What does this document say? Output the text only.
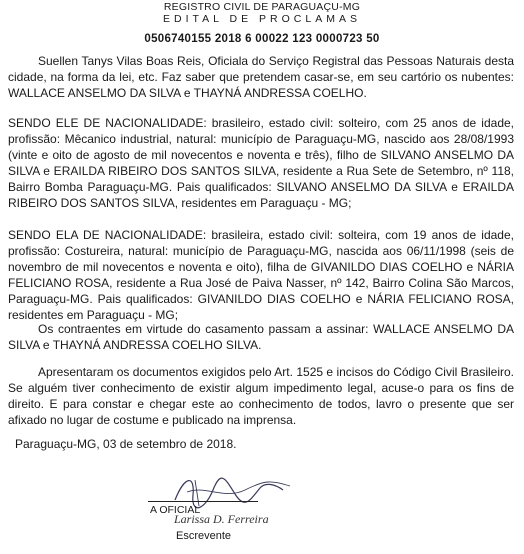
REGISTRO CIVIL DE PARAGUAÇU-MG
EDITAL DE PROCLAMAS
0506740155 2018 6 00022 123 0000723 50

Suellen Tanys Vilas Boas Reis, Oficiala do Serviço Registral das Pessoas Naturais desta cidade, na forma da lei, etc. Faz saber que pretendem casar-se, em seu cartório os nubentes: WALLACE ANSELMO DA SILVA e THAYNÁ ANDRESSA COELHO.

SENDO ELE DE NACIONALIDADE: brasileiro, estado civil: solteiro, com 25 anos de idade, profissão: Mêcanico industrial, natural: município de Paraguaçu-MG, nascido aos 28/08/1993 (vinte e oito de agosto de mil novecentos e noventa e três), filho de SILVANO ANSELMO DA SILVA e ERAILDA RIBEIRO DOS SANTOS SILVA, residente a Rua Sete de Setembro, nº 118, Bairro Bomba Paraguaçu-MG. Pais qualificados: SILVANO ANSELMO DA SILVA e ERAILDA RIBEIRO DOS SANTOS SILVA, residentes em Paraguaçu - MG;

SENDO ELA DE NACIONALIDADE: brasileira, estado civil: solteira, com 19 anos de idade, profissão: Costureira, natural: município de Paraguaçu-MG, nascida aos 06/11/1998 (seis de novembro de mil novecentos e noventa e oito), filha de GIVANILDO DIAS COELHO e NÁRIA FELICIANO ROSA, residente a Rua José de Paiva Nasser, nº 142, Bairro Colina São Marcos, Paraguaçu-MG. Pais qualificados: GIVANILDO DIAS COELHO e NÁRIA FELICIANO ROSA, residentes em Paraguaçu - MG;

Os contraentes em virtude do casamento passam a assinar: WALLACE ANSELMO DA SILVA e THAYNÁ ANDRESSA COELHO SILVA.

Apresentaram os documentos exigidos pelo Art. 1525 e incisos do Código Civil Brasileiro. Se alguém tiver conhecimento de existir algum impedimento legal, acuse-o para os fins de direito. E para constar e chegar este ao conhecimento de todos, lavro o presente que ser afixado no lugar de costume e publicado na imprensa.

Paraguaçu-MG, 03 de setembro de 2018.
A OFICIAL
Larissa D. Ferreira
Escrevente
